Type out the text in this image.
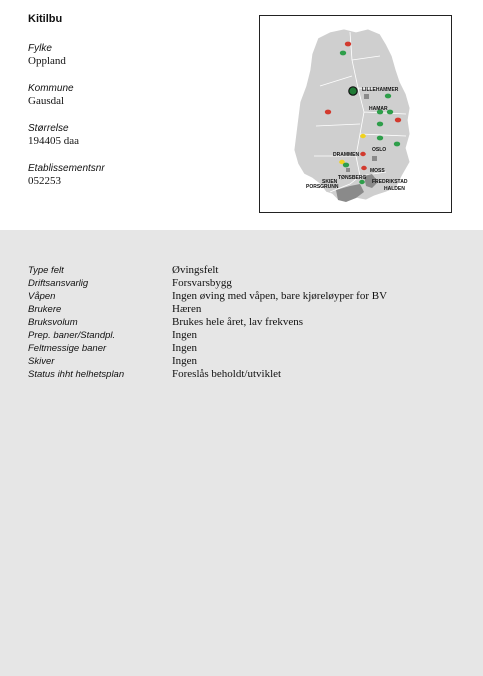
Kitilbu
Fylke
Oppland
Kommune
Gausdal
Størrelse
194405 daa
Etablissementsnr
052253
LILLEHAMMER
HAMAR
OSLO
DRAMMEN
MOSS
TØNSBERG
SKIEN
PORSGRUNN
FREDRIKSTAD
HALDEN
Type felt	Øvingsfelt
Driftsansvarlig	Forsvarsbygg
Våpen	Ingen øving med våpen, bare kjøreløyper for BV
Brukere	Hæren
Bruksvolum	Brukes hele året, lav frekvens
Prep. baner/Standpl.	Ingen
Feltmessige baner	Ingen
Skiver	Ingen
Status ihht helhetsplan	Foreslås beholdt/utviklet
